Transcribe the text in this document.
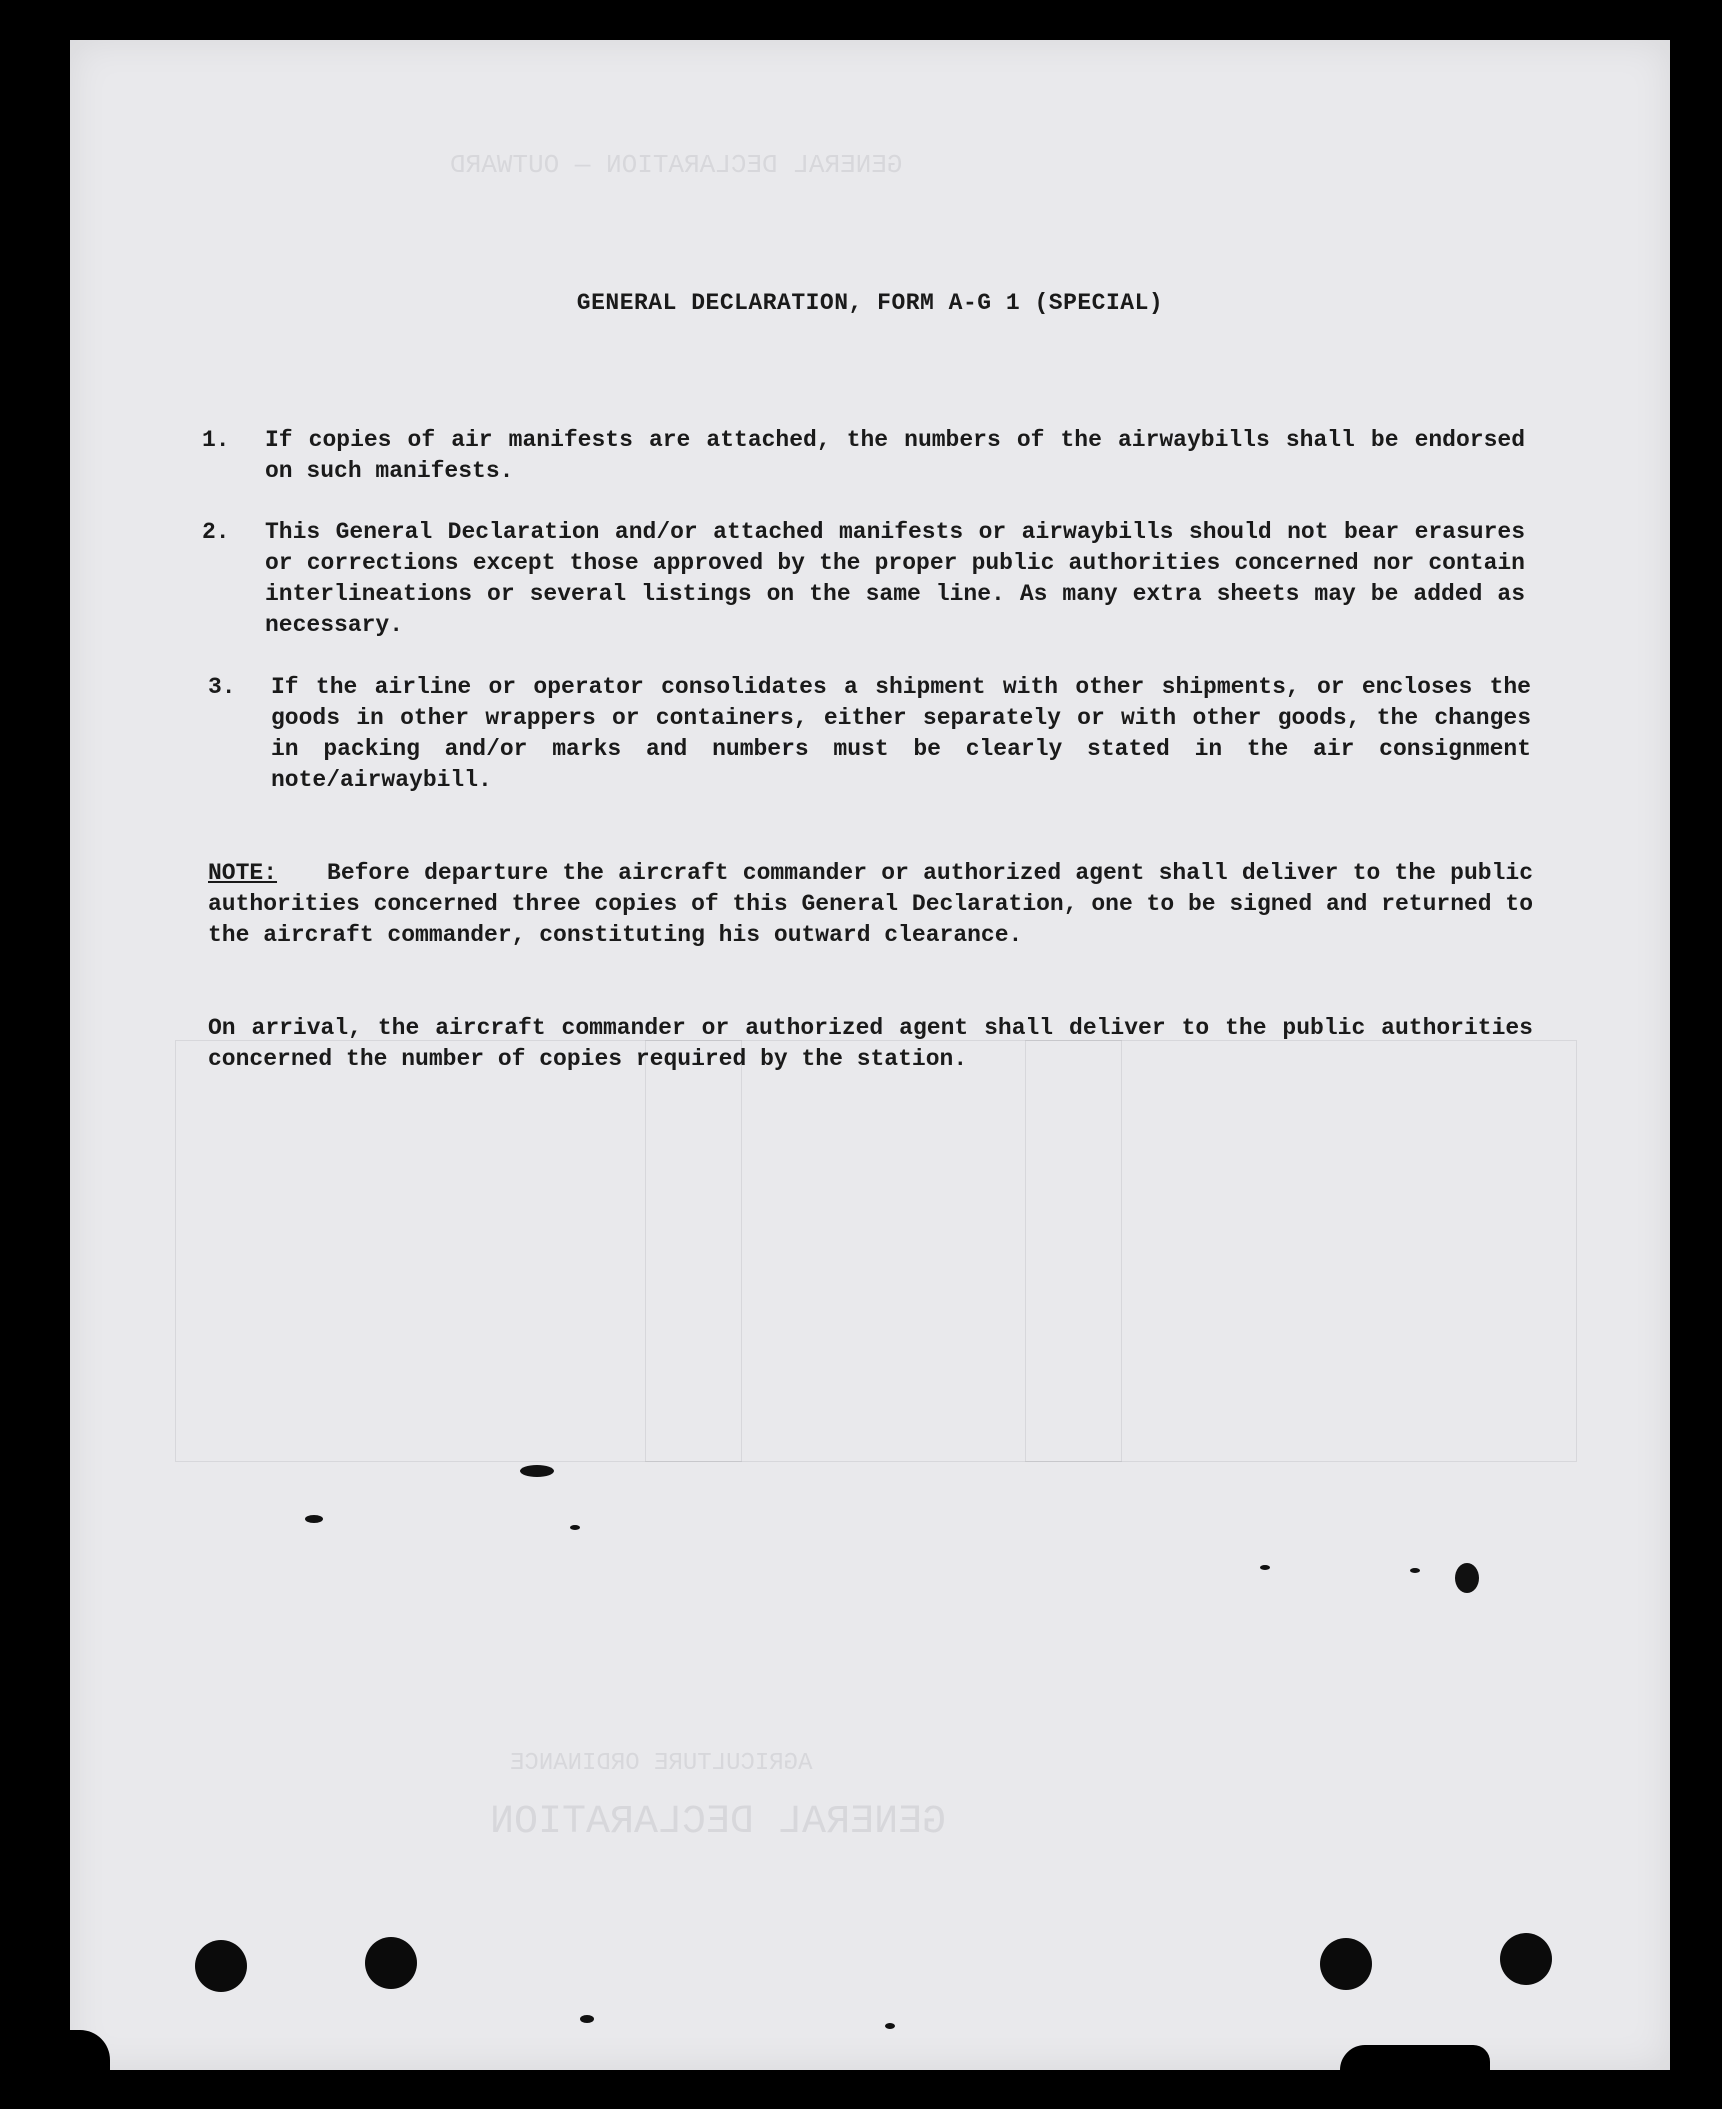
GENERAL DECLARATION — OUTWARD
GENERAL DECLARATION
AGRICULTURE ORDINANCE
GENERAL DECLARATION, FORM A-G 1 (SPECIAL)
1. If copies of air manifests are attached, the numbers of the airwaybills shall be endorsed on such manifests.
2. This General Declaration and/or attached manifests or airwaybills should not bear erasures or corrections except those approved by the proper public authorities concerned nor contain interlineations or several listings on the same line. As many extra sheets may be added as necessary.
3. If the airline or operator consolidates a shipment with other shipments, or encloses the goods in other wrappers or containers, either separately or with other goods, the changes in packing and/or marks and numbers must be clearly stated in the air consignment note/airwaybill.
NOTE: Before departure the aircraft commander or authorized agent shall deliver to the public authorities concerned three copies of this General Declaration, one to be signed and returned to the aircraft commander, constituting his outward clearance.
On arrival, the aircraft commander or authorized agent shall deliver to the public authorities concerned the number of copies required by the station.
